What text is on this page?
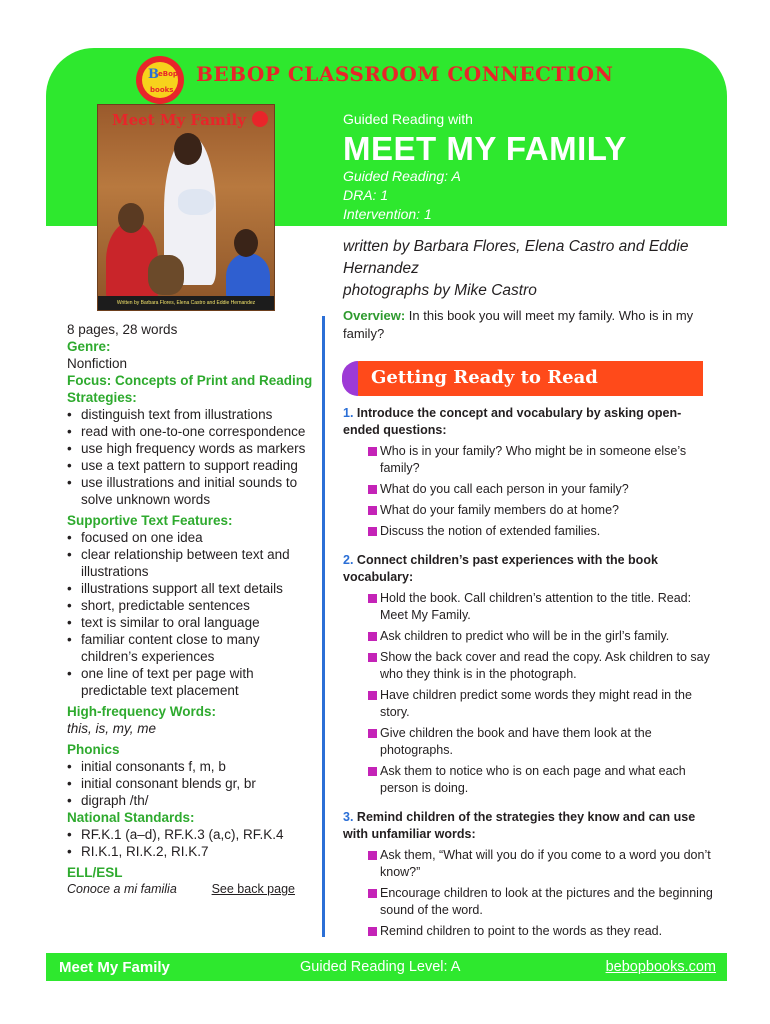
B eBop
books
BEBOP CLASSROOM CONNECTION
Meet My Family
Written by Barbara Flores, Elena Castro and Eddie Hernandez
Guided Reading with
MEET MY FAMILY
Guided Reading: A
DRA: 1
Intervention: 1
written by Barbara Flores, Elena Castro and Eddie Hernandez
photographs by Mike Castro
Overview: In this book you will meet my family. Who is in my family?
8 pages, 28 words
Genre:
Nonfiction
Focus: Concepts of Print and Reading Strategies:
• distinguish text from illustrations
• read with one-to-one correspondence
• use high frequency words as markers
• use a text pattern to support reading
• use illustrations and initial sounds to solve unknown words
Supportive Text Features:
• focused on one idea
• clear relationship between text and illustrations
• illustrations support all text details
• short, predictable sentences
• text is similar to oral language
• familiar content close to many children’s experiences
• one line of text per page with predictable text placement
High-frequency Words:
this, is, my, me
Phonics
• initial consonants f, m, b
• initial consonant blends gr, br
• digraph /th/
National Standards:
• RF.K.1 (a–d), RF.K.3 (a,c), RF.K.4
• RI.K.1, RI.K.2, RI.K.7
ELL/ESL
Conoce a mi familia	See back page
Getting Ready to Read
1. Introduce the concept and vocabulary by asking open-ended questions:
Who is in your family? Who might be in someone else’s family?
What do you call each person in your family?
What do your family members do at home?
Discuss the notion of extended families.
2. Connect children’s past experiences with the book vocabulary:
Hold the book. Call children’s attention to the title. Read: Meet My Family.
Ask children to predict who will be in the girl’s family.
Show the back cover and read the copy. Ask children to say who they think is in the photograph.
Have children predict some words they might read in the story.
Give children the book and have them look at the photographs.
Ask them to notice who is on each page and what each person is doing.
3. Remind children of the strategies they know and can use with unfamiliar words:
Ask them, “What will you do if you come to a word you don’t know?”
Encourage children to look at the pictures and the beginning sound of the word.
Remind children to point to the words as they read.
Meet My Family	Guided Reading Level: A	bebopbooks.com
